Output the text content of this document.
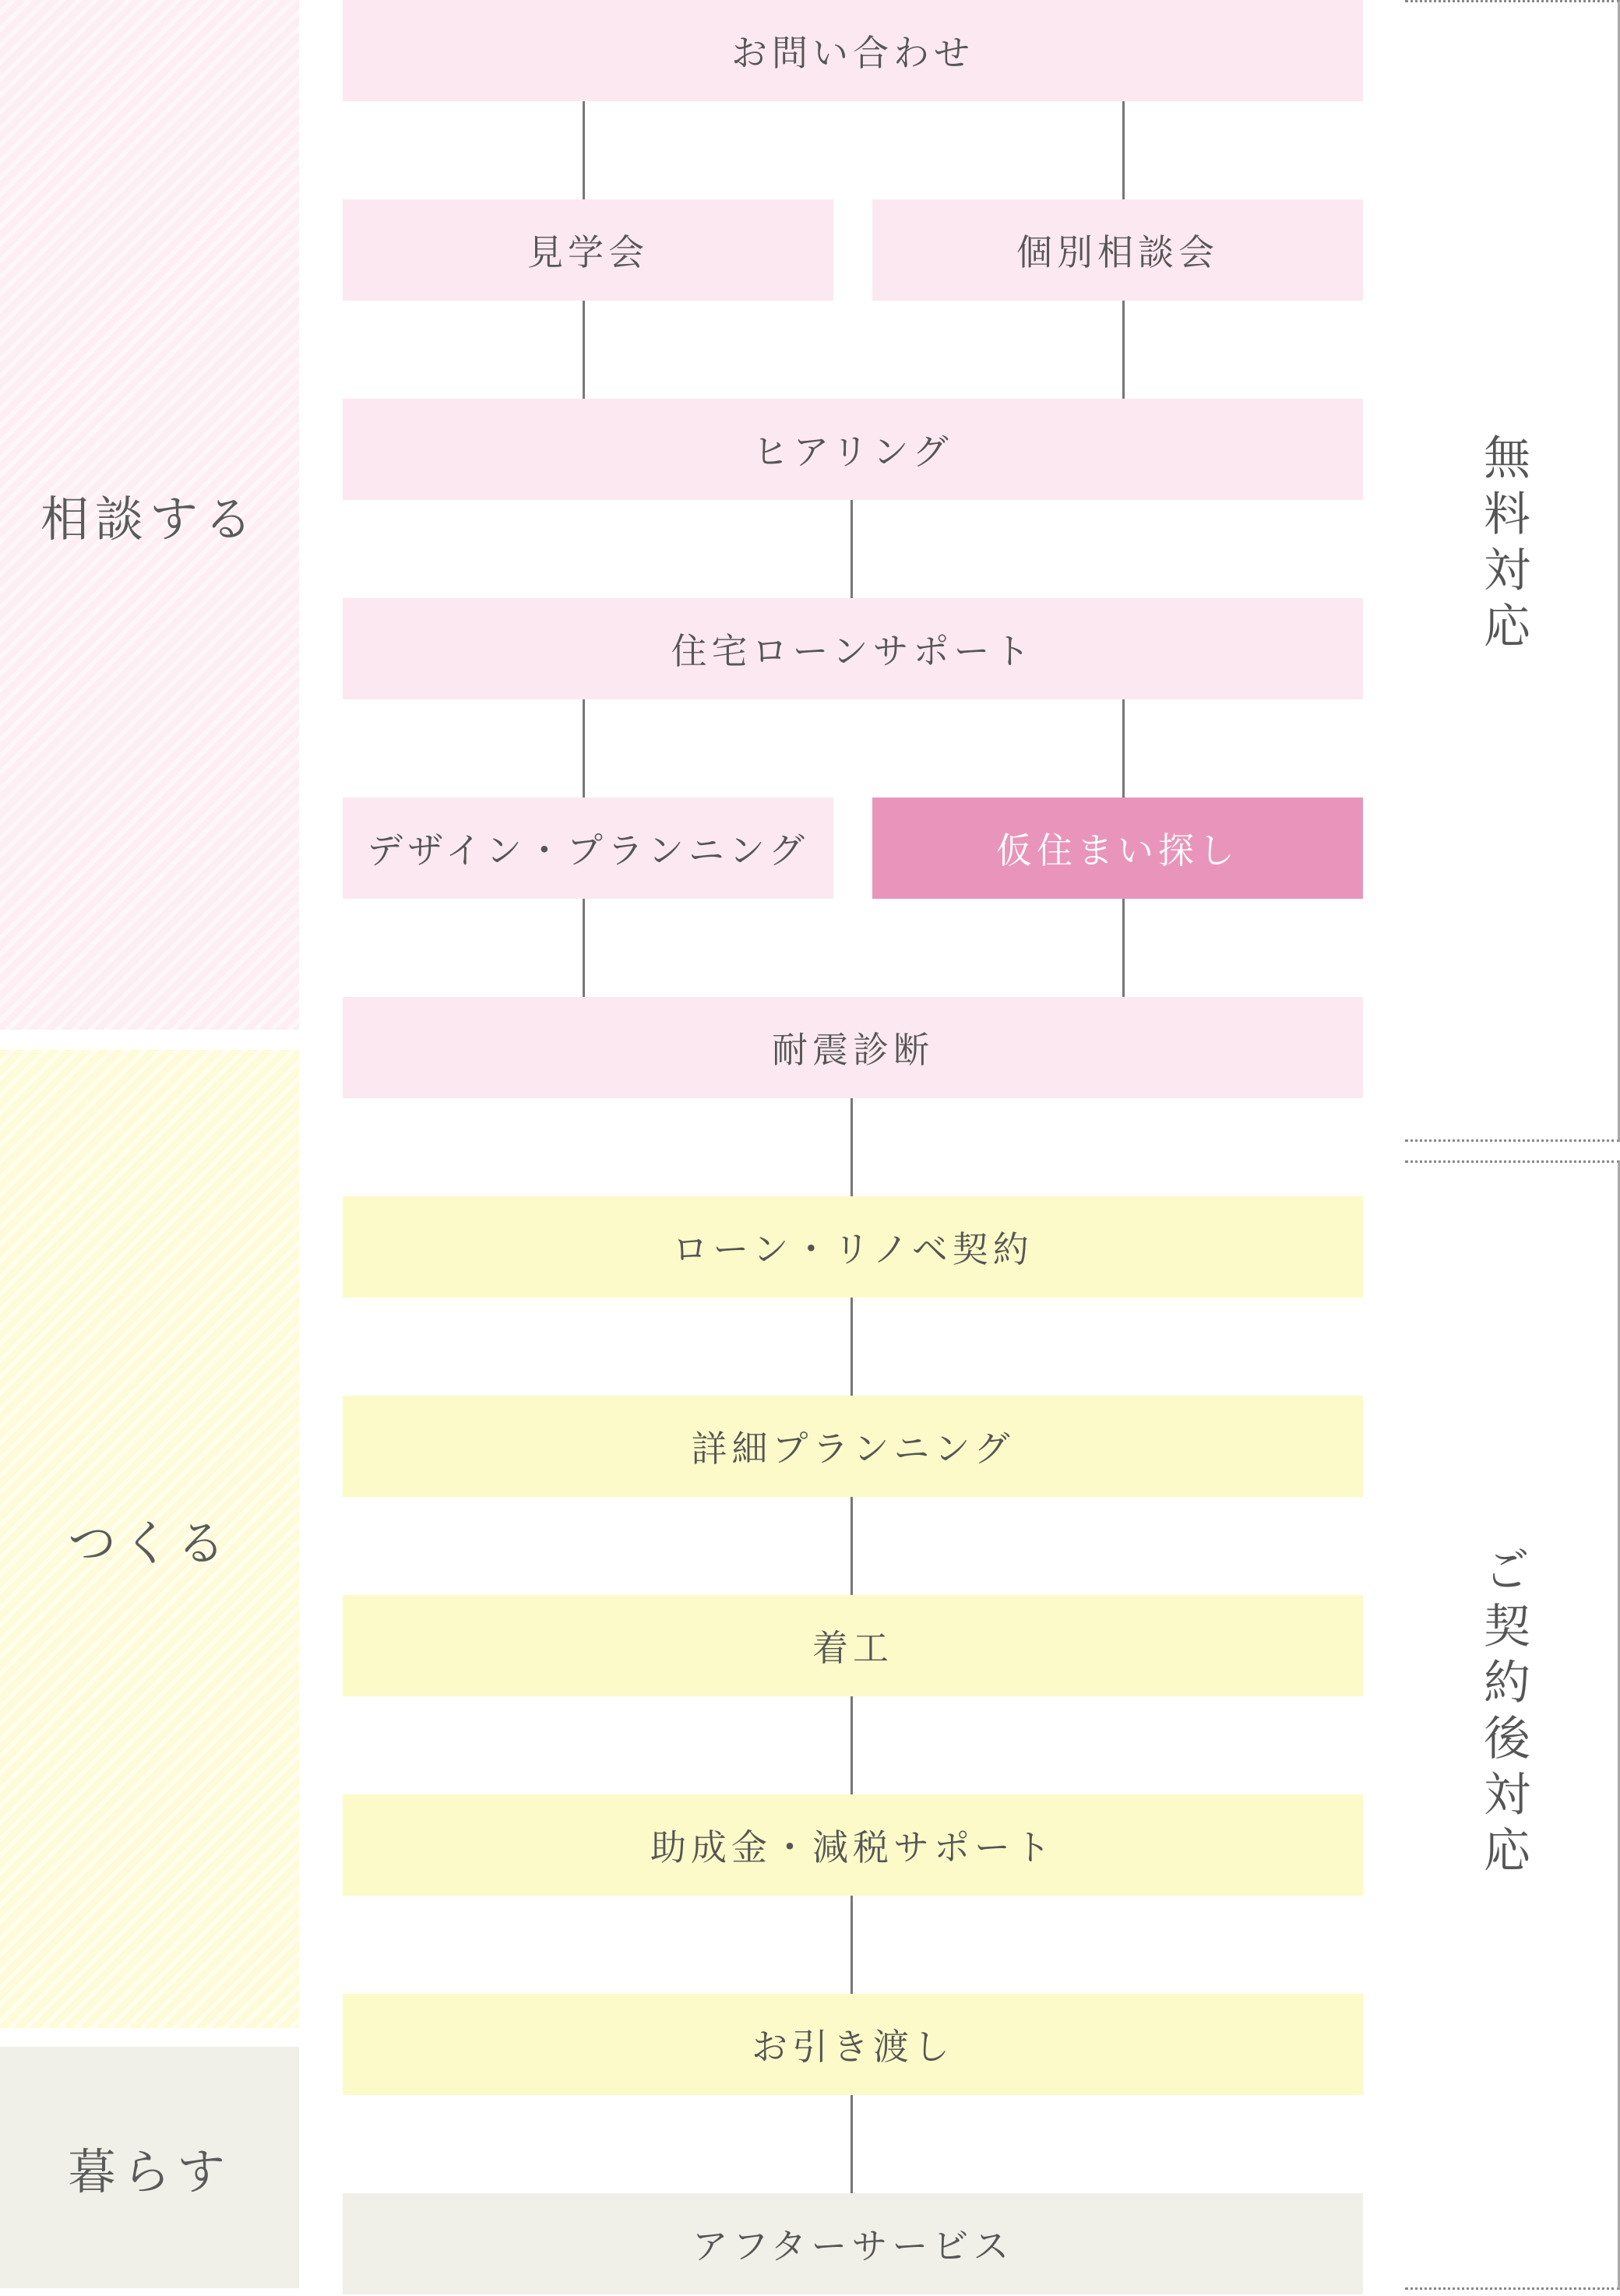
相談する
つくる
暮らす
無料対応
ご契約後対応
お問い合わせ
見学会	個別相談会
ヒアリング
住宅ローンサポート
デザイン・プランニング	仮住まい探し
耐震診断
ローン・リノベ契約
詳細プランニング
着工
助成金・減税サポート
お引き渡し
アフターサービス
